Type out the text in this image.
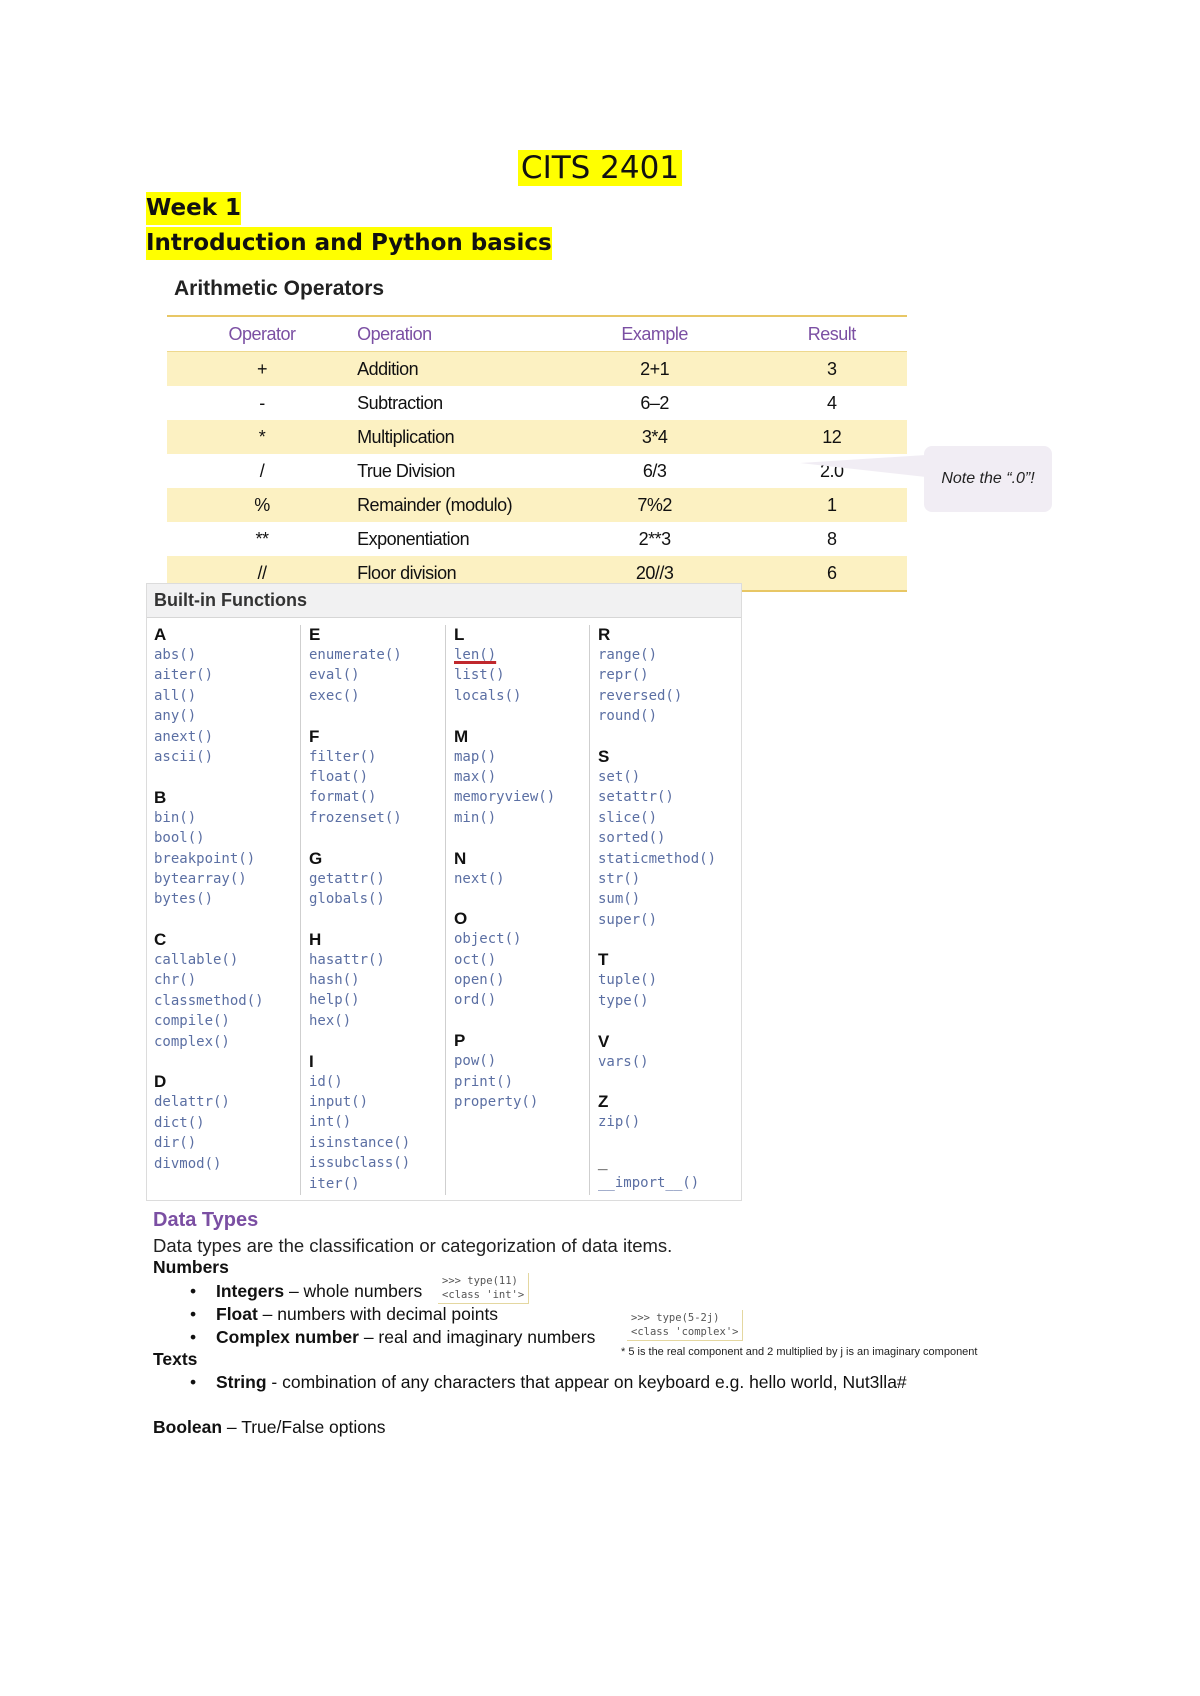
CITS 2401
Week 1
Introduction and Python basics
Arithmetic Operators
Operator	Operation	Example	Result
+	Addition	2+1	3
-	Subtraction	6–2	4
*	Multiplication	3*4	12
/	True Division	6/3	2.0
%	Remainder (modulo)	7%2	1
**	Exponentiation	2**3	8
//	Floor division	20//3	6
Note the “.0”!
Built-in Functions
A
abs()
aiter()
all()
any()
anext()
ascii()
B
bin()
bool()
breakpoint()
bytearray()
bytes()
C
callable()
chr()
classmethod()
compile()
complex()
D
delattr()
dict()
dir()
divmod()
E
enumerate()
eval()
exec()
F
filter()
float()
format()
frozenset()
G
getattr()
globals()
H
hasattr()
hash()
help()
hex()
I
id()
input()
int()
isinstance()
issubclass()
iter()
L
len()
list()
locals()
M
map()
max()
memoryview()
min()
N
next()
O
object()
oct()
open()
ord()
P
pow()
print()
property()
R
range()
repr()
reversed()
round()
S
set()
setattr()
slice()
sorted()
staticmethod()
str()
sum()
super()
T
tuple()
type()
V
vars()
Z
zip()
_
__import__()
Data Types
Data types are the classification or categorization of data items.
Numbers
• Integers – whole numbers	>>> type(11)
<class 'int'>
• Float – numbers with decimal points
• Complex number – real and imaginary numbers
>>> type(5-2j)
<class 'complex'>
* 5 is the real component and 2 multiplied by j is an imaginary component
Texts
• String - combination of any characters that appear on keyboard e.g. hello world, Nut3lla#
Boolean – True/False options
